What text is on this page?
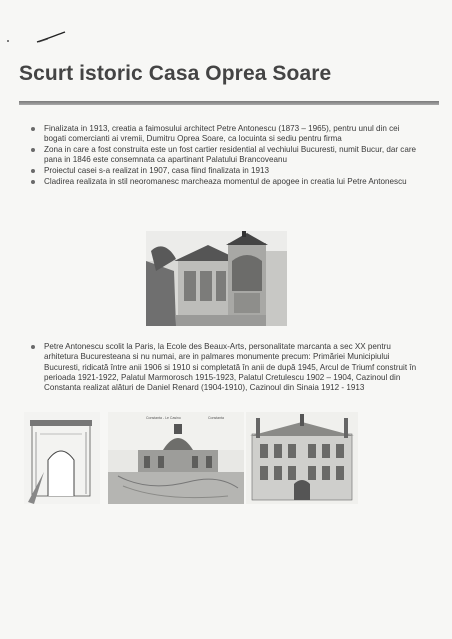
Scurt istoric Casa Oprea Soare
Finalizata in 1913, creatia a faimosului architect Petre Antonescu (1873 – 1965), pentru unul din cei bogati comercianti ai vremii, Dumitru Oprea Soare, ca locuinta si sediu pentru firma
Zona in care a fost construita este un fost cartier residential al vechiului Bucuresti, numit Bucur, dar care pana in 1846 este consemnata ca apartinant Palatului Brancoveanu
Proiectul casei s-a realizat in 1907, casa fiind finalizata in 1913
Cladirea realizata in stil neoromanesc marcheaza momentul de apogee in creatia lui Petre Antonescu
Petre Antonescu scolit la Paris, la Ecole des Beaux-Arts, personalitate marcanta a sec XX pentru arhitetura Bucuresteana si nu numai, are in palmares monumente precum: Primăriei Municipiului Bucuresti, ridicată între anii 1906 si 1910 si completată în anii de după 1945, Arcul de Triumf construit în perioada 1921-1922, Palatul Marmorosch 1915-1923, Palatul Cretulescu 1902 – 1904, Cazinoul din Constanta realizat alături de Daniel Renard (1904-1910), Cazinoul din Sinaia 1912 - 1913
Constanta - Le Casino	Constanta
